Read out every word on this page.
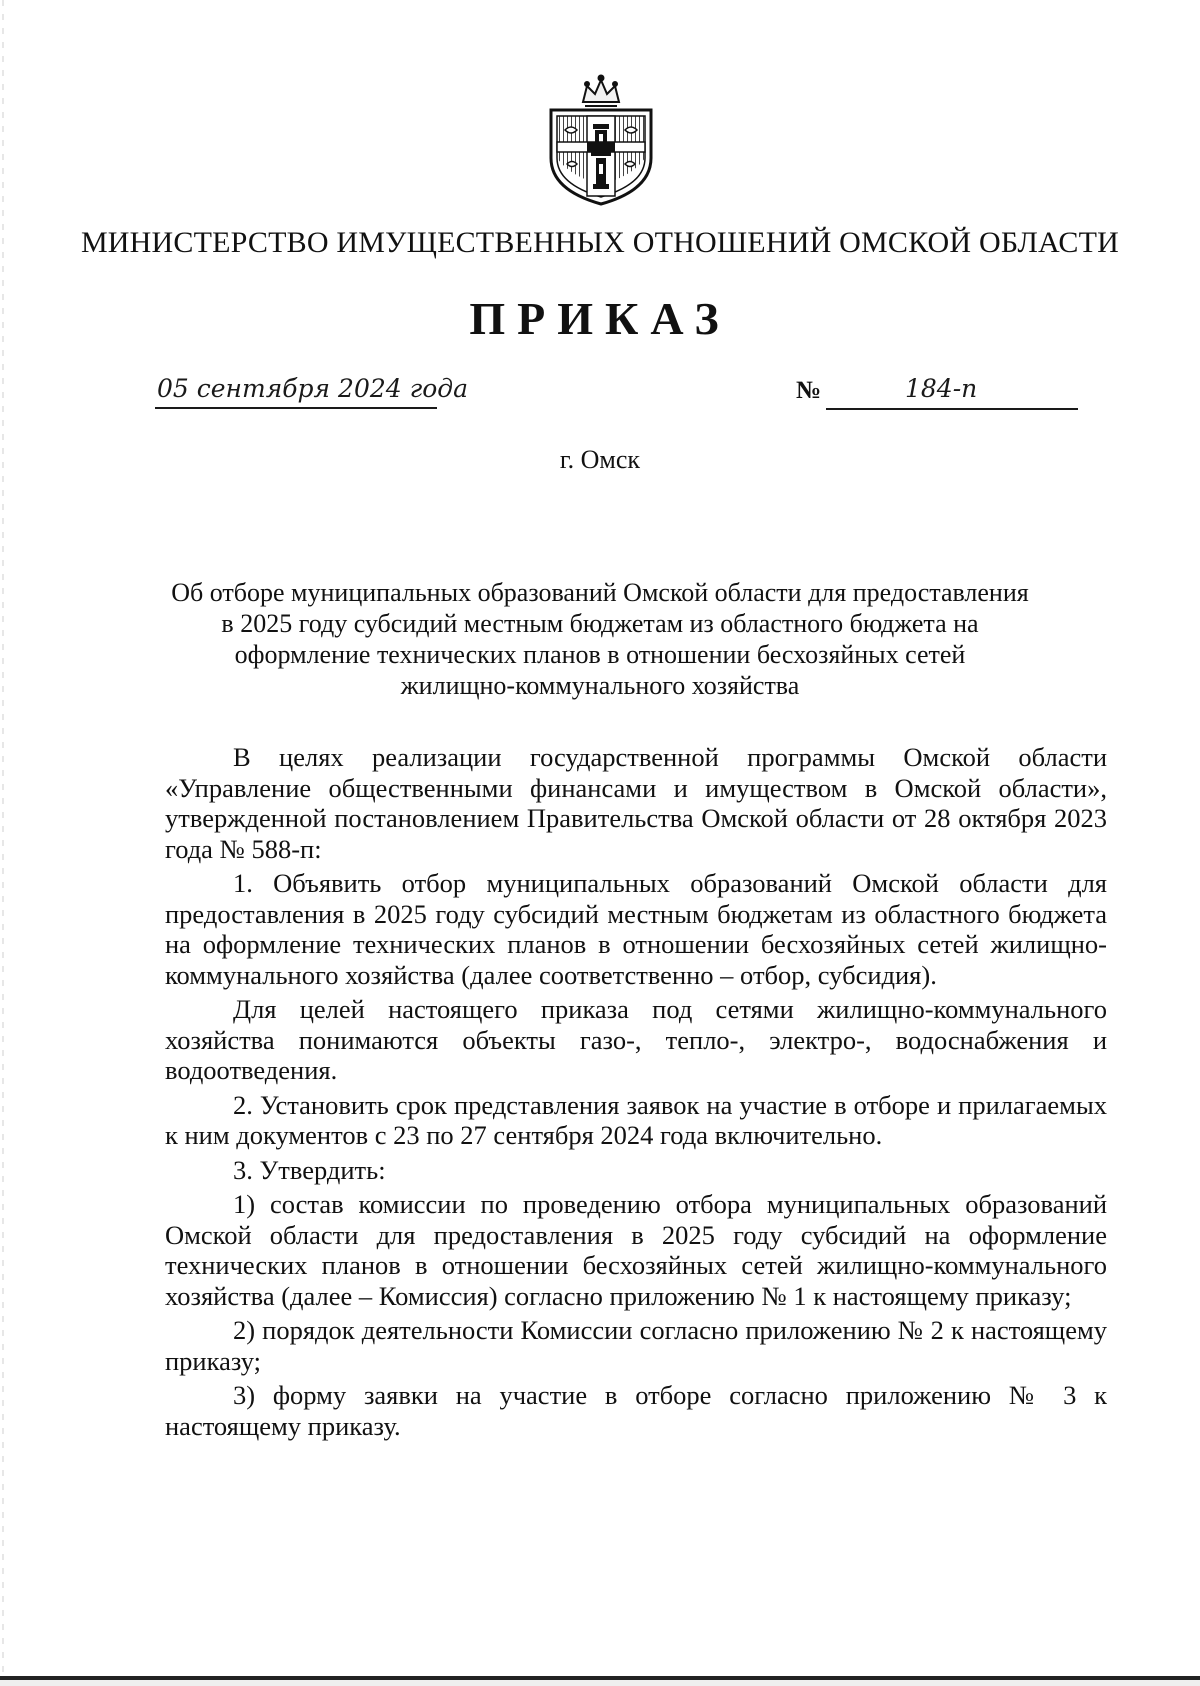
МИНИСТЕРСТВО ИМУЩЕСТВЕННЫХ ОТНОШЕНИЙ ОМСКОЙ ОБЛАСТИ
ПРИКАЗ
05 сентября 2024 года	№	184-п
г. Омск
Об отборе муниципальных образований Омской области для предоставления
в 2025 году субсидий местным бюджетам из областного бюджета на
оформление технических планов в отношении бесхозяйных сетей
жилищно-коммунального хозяйства

В целях реализации государственной программы Омской области «Управление общественными финансами и имуществом в Омской области», утвержденной постановлением Правительства Омской области от 28 октября 2023 года № 588-п:

1. Объявить отбор муниципальных образований Омской области для предоставления в 2025 году субсидий местным бюджетам из областного бюджета на оформление технических планов в отношении бесхозяйных сетей жилищно-коммунального хозяйства (далее соответственно – отбор, субсидия).

Для целей настоящего приказа под сетями жилищно-коммунального хозяйства понимаются объекты газо-, тепло-, электро-, водоснабжения и водоотведения.

2. Установить срок представления заявок на участие в отборе и прилагаемых к ним документов с 23 по 27 сентября 2024 года включительно.

3. Утвердить:

1) состав комиссии по проведению отбора муниципальных образований Омской области для предоставления в 2025 году субсидий на оформление технических планов в отношении бесхозяйных сетей жилищно-коммунального хозяйства (далее – Комиссия) согласно приложению № 1 к настоящему приказу;

2) порядок деятельности Комиссии согласно приложению № 2 к настоящему приказу;

3) форму заявки на участие в отборе согласно приложению № 3 к настоящему приказу.
